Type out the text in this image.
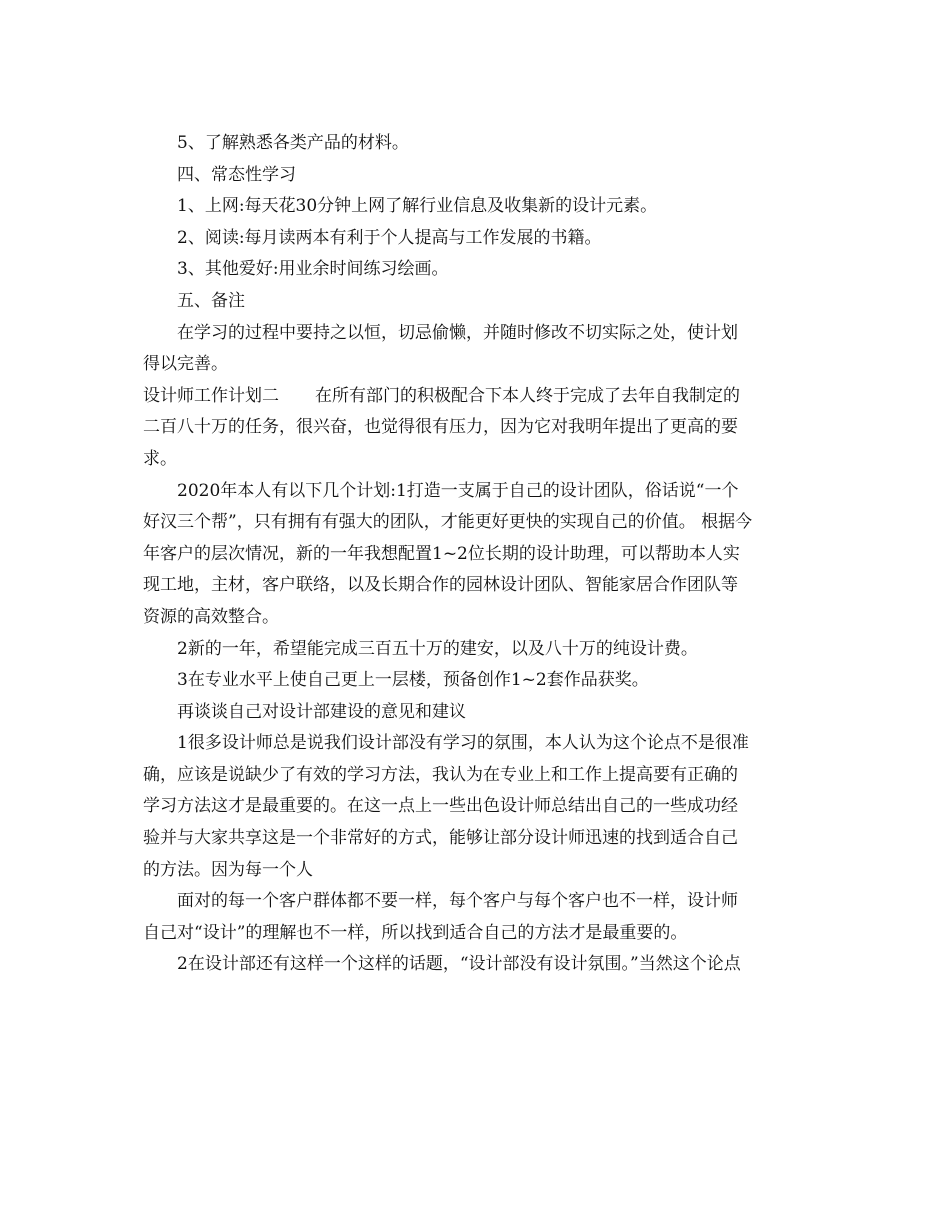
5、了解熟悉各类产品的材料。
四、常态性学习
1、上网:每天花30分钟上网了解行业信息及收集新的设计元素。
2、阅读:每月读两本有利于个人提高与工作发展的书籍。
3、其他爱好:用业余时间练习绘画。
五、备注
在学习的过程中要持之以恒，切忌偷懒，并随时修改不切实际之处，使计划
得以完善。
设计师工作计划二 在所有部门的积极配合下本人终于完成了去年自我制定的
二百八十万的任务，很兴奋，也觉得很有压力，因为它对我明年提出了更高的要
求。
2020年本人有以下几个计划:1打造一支属于自己的设计团队，俗话说“一个
好汉三个帮”，只有拥有有强大的团队，才能更好更快的实现自己的价值。 根据今
年客户的层次情况，新的一年我想配置1~2位长期的设计助理，可以帮助本人实
现工地，主材，客户联络，以及长期合作的园林设计团队、智能家居合作团队等
资源的高效整合。
2新的一年，希望能完成三百五十万的建安，以及八十万的纯设计费。
3在专业水平上使自己更上一层楼，预备创作1~2套作品获奖。
再谈谈自己对设计部建设的意见和建议
1很多设计师总是说我们设计部没有学习的氛围，本人认为这个论点不是很准
确，应该是说缺少了有效的学习方法，我认为在专业上和工作上提高要有正确的
学习方法这才是最重要的。在这一点上一些出色设计师总结出自己的一些成功经
验并与大家共享这是一个非常好的方式，能够让部分设计师迅速的找到适合自己
的方法。因为每一个人
面对的每一个客户群体都不要一样，每个客户与每个客户也不一样，设计师
自己对“设计”的理解也不一样，所以找到适合自己的方法才是最重要的。
2在设计部还有这样一个这样的话题，“设计部没有设计氛围。”当然这个论点
